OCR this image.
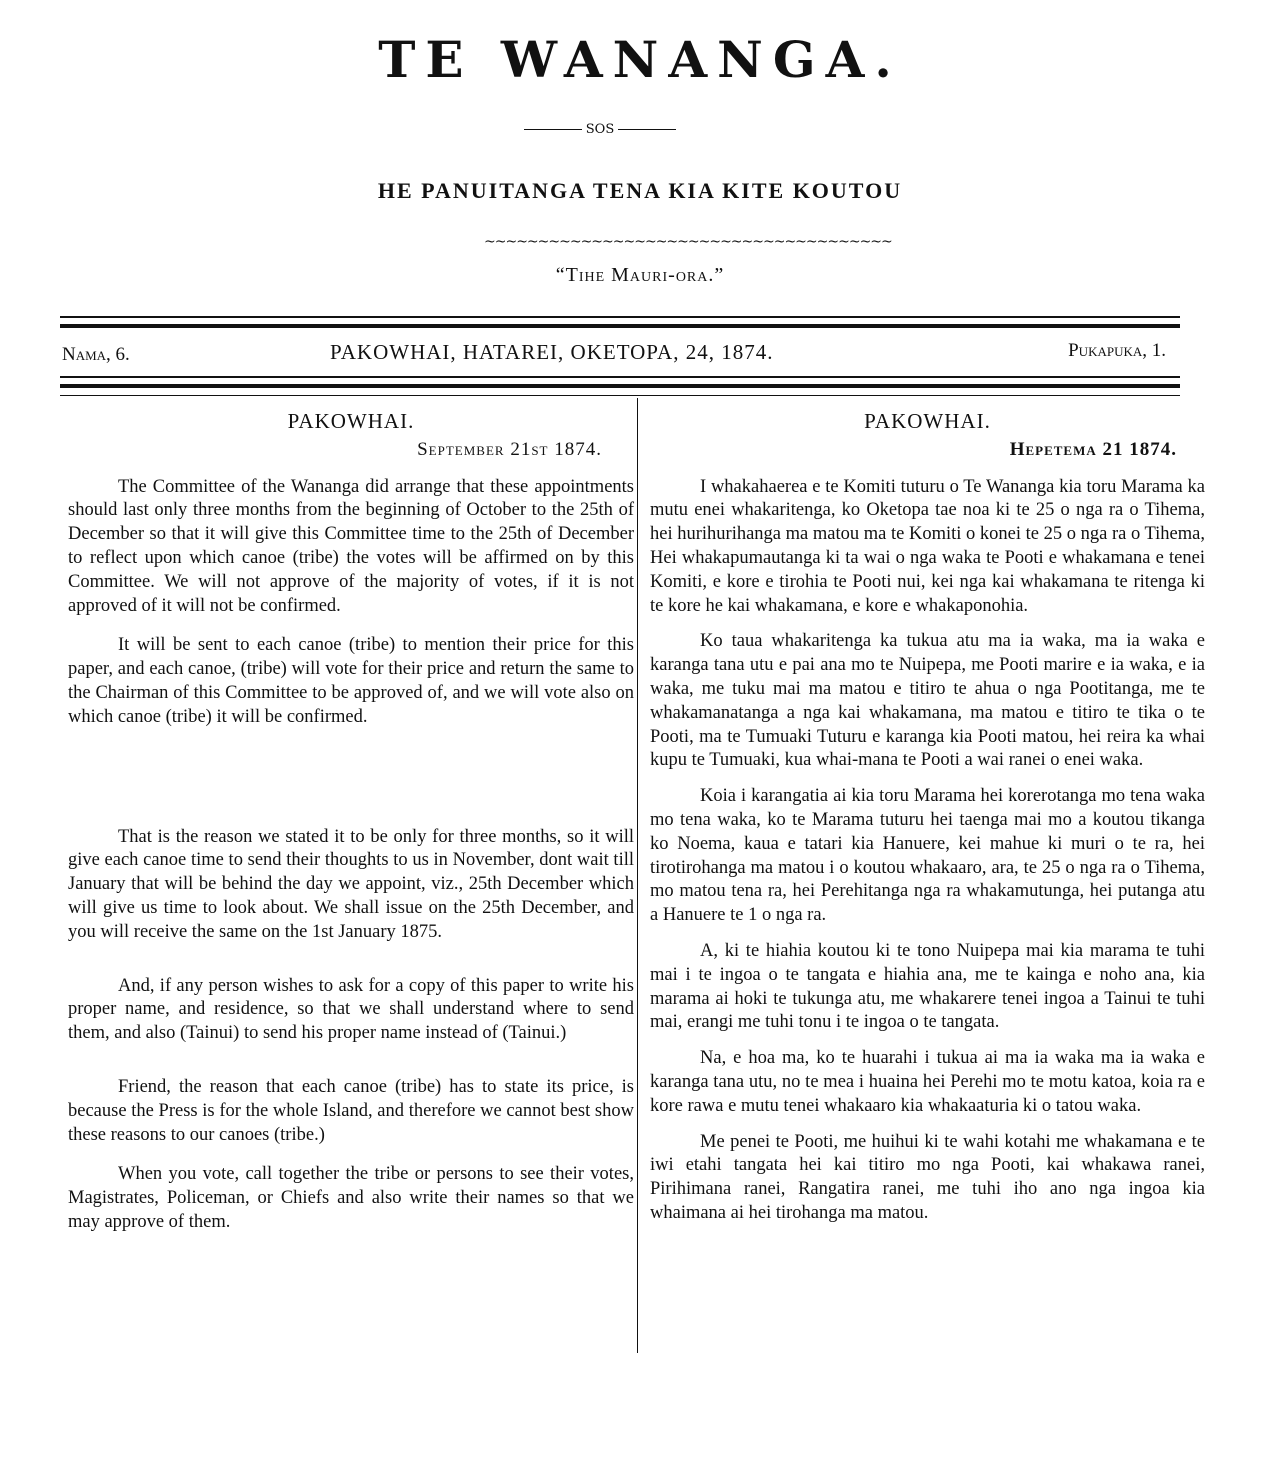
TE WANANGA.
SOS
HE PANUITANGA TENA KIA KITE KOUTOU
~~~~~~~~~~~~~~~~~~~~~~~~~~~~~~~~~~~~~~
“Tihe Mauri-ora.”
Nama, 6.	PAKOWHAI, HATAREI, OKETOPA, 24, 1874.	Pukapuka, 1.
PAKOWHAI.
September 21st 1874.

The Committee of the Wananga did arrange that these appointments should last only three months from the beginning of October to the 25th of December so that it will give this Committee time to the 25th of December to reflect upon which canoe (tribe) the votes will be affirmed on by this Committee. We will not approve of the majority of votes, if it is not approved of it will not be confirmed.

It will be sent to each canoe (tribe) to mention their price for this paper, and each canoe, (tribe) will vote for their price and return the same to the Chairman of this Committee to be approved of, and we will vote also on which canoe (tribe) it will be confirmed.

That is the reason we stated it to be only for three months, so it will give each canoe time to send their thoughts to us in November, dont wait till January that will be behind the day we appoint, viz., 25th December which will give us time to look about. We shall issue on the 25th December, and you will receive the same on the 1st January 1875.

And, if any person wishes to ask for a copy of this paper to write his proper name, and residence, so that we shall understand where to send them, and also (Tainui) to send his proper name instead of (Tainui.)

Friend, the reason that each canoe (tribe) has to state its price, is because the Press is for the whole Island, and therefore we cannot best show these reasons to our canoes (tribe.)

When you vote, call together the tribe or persons to see their votes, Magistrates, Policeman, or Chiefs and also write their names so that we may approve of them.

PAKOWHAI.
Hepetema 21 1874.

I whakahaerea e te Komiti tuturu o Te Wananga kia toru Marama ka mutu enei whakaritenga, ko Oketopa tae noa ki te 25 o nga ra o Tihema, hei hurihurihanga ma matou ma te Komiti o konei te 25 o nga ra o Tihema, Hei whakapumautanga ki ta wai o nga waka te Pooti e whakamana e tenei Komiti, e kore e tirohia te Pooti nui, kei nga kai whakamana te ritenga ki te kore he kai whakamana, e kore e whakaponohia.

Ko taua whakaritenga ka tukua atu ma ia waka, ma ia waka e karanga tana utu e pai ana mo te Nuipepa, me Pooti marire e ia waka, e ia waka, me tuku mai ma matou e titiro te ahua o nga Pootitanga, me te whakamanatanga a nga kai whakamana, ma matou e titiro te tika o te Pooti, ma te Tumuaki Tuturu e karanga kia Pooti matou, hei reira ka whai kupu te Tumuaki, kua whai-mana te Pooti a wai ranei o enei waka.

Koia i karangatia ai kia toru Marama hei korerotanga mo tena waka mo tena waka, ko te Marama tuturu hei taenga mai mo a koutou tikanga ko Noema, kaua e tatari kia Hanuere, kei mahue ki muri o te ra, hei tirotirohanga ma matou i o koutou whakaaro, ara, te 25 o nga ra o Tihema, mo matou tena ra, hei Perehitanga nga ra whakamutunga, hei putanga atu a Hanuere te 1 o nga ra.

A, ki te hiahia koutou ki te tono Nuipepa mai kia marama te tuhi mai i te ingoa o te tangata e hiahia ana, me te kainga e noho ana, kia marama ai hoki te tukunga atu, me whakarere tenei ingoa a Tainui te tuhi mai, erangi me tuhi tonu i te ingoa o te tangata.

Na, e hoa ma, ko te huarahi i tukua ai ma ia waka ma ia waka e karanga tana utu, no te mea i huaina hei Perehi mo te motu katoa, koia ra e kore rawa e mutu tenei whakaaro kia whakaaturia ki o tatou waka.

Me penei te Pooti, me huihui ki te wahi kotahi me whakamana e te iwi etahi tangata hei kai titiro mo nga Pooti, kai whakawa ranei, Pirihimana ranei, Rangatira ranei, me tuhi iho ano nga ingoa kia whaimana ai hei tirohanga ma matou.
